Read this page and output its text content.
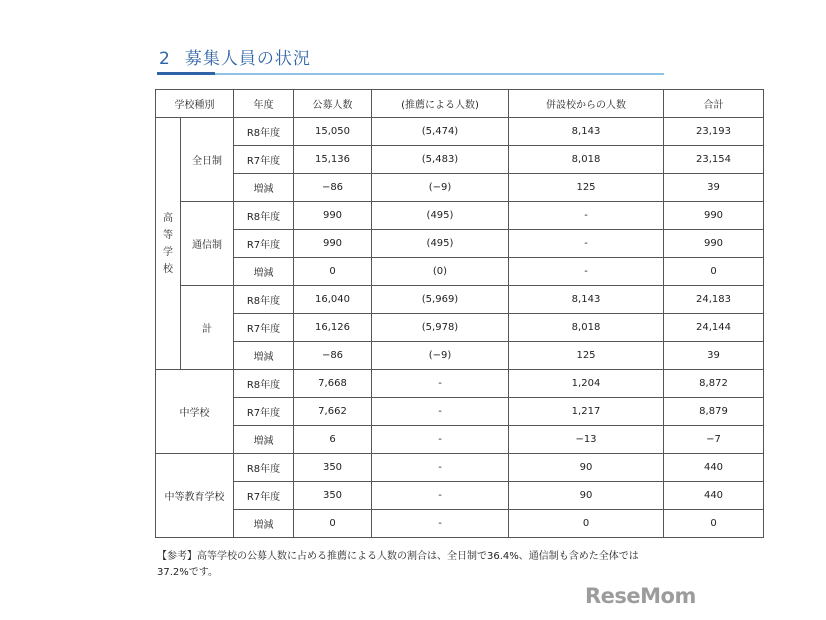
2 募集人員の状況
学校種別		年度	公募人数	(推薦による人数)	併設校からの人数	合計
高
等
学
校	全日制	R8年度	15,050	(5,474)	8,143	23,193
		R7年度	15,136	(5,483)	8,018	23,154
		増減	−86	(−9)	125	39
	通信制	R8年度	990	(495)	-	990
		R7年度	990	(495)	-	990
		増減	0	(0)	-	0
	計	R8年度	16,040	(5,969)	8,143	24,183
		R7年度	16,126	(5,978)	8,018	24,144
		増減	−86	(−9)	125	39
中学校		R8年度	7,668	-	1,204	8,872
		R7年度	7,662	-	1,217	8,879
		増減	6	-	−13	−7
中等教育学校		R8年度	350	-	90	440
		R7年度	350	-	90	440
		増減	0	-	0	0
【参考】高等学校の公募人数に占める推薦による人数の割合は、全日制で36.4%、通信制も含めた全体では37.2%です。
ReseMom
